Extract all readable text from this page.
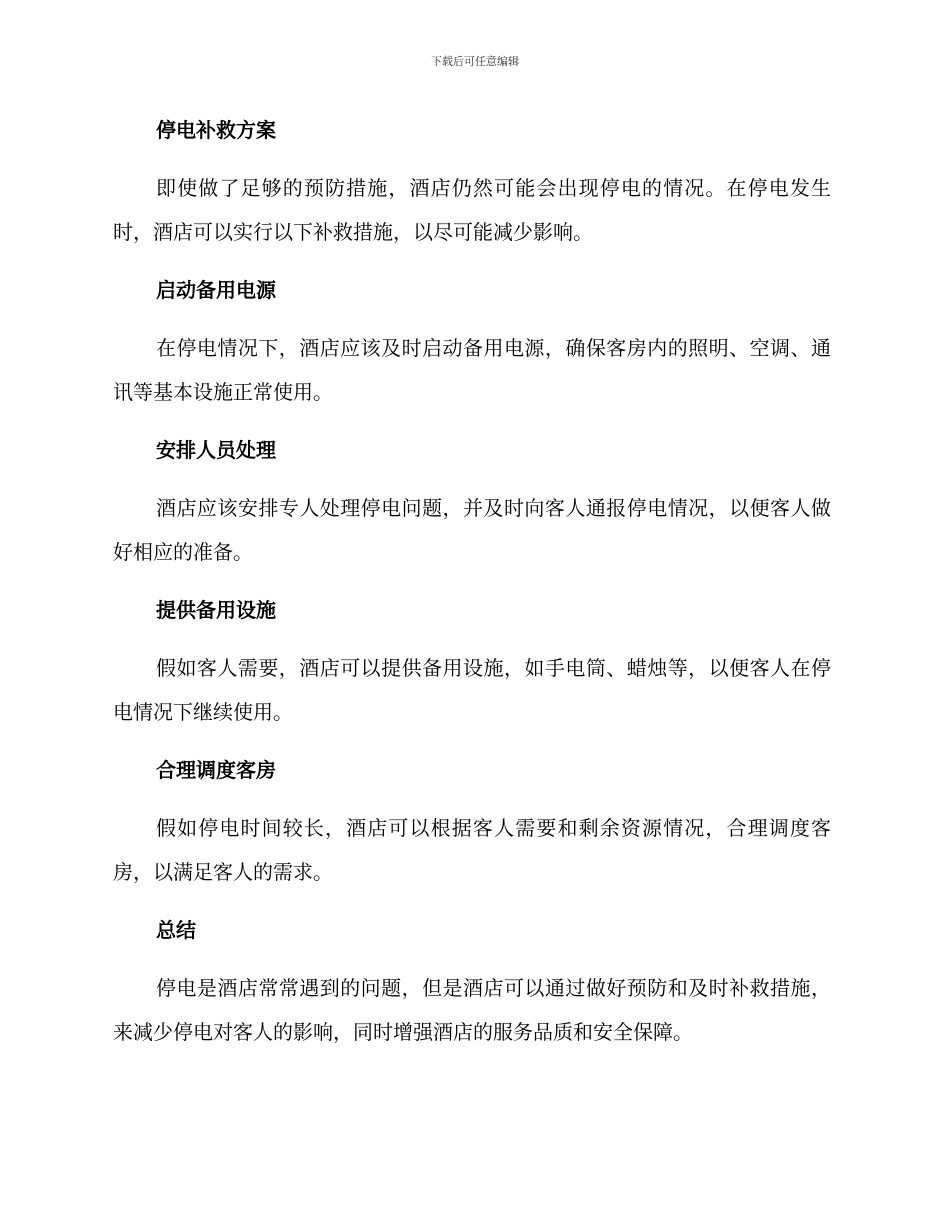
下载后可任意编辑
停电补救方案

即使做了足够的预防措施，酒店仍然可能会出现停电的情况。在停电发生时，酒店可以实行以下补救措施，以尽可能减少影响。

启动备用电源

在停电情况下，酒店应该及时启动备用电源，确保客房内的照明、空调、通讯等基本设施正常使用。

安排人员处理

酒店应该安排专人处理停电问题，并及时向客人通报停电情况，以便客人做好相应的准备。

提供备用设施

假如客人需要，酒店可以提供备用设施，如手电筒、蜡烛等，以便客人在停电情况下继续使用。

合理调度客房

假如停电时间较长，酒店可以根据客人需要和剩余资源情况，合理调度客房，以满足客人的需求。

总结

停电是酒店常常遇到的问题，但是酒店可以通过做好预防和及时补救措施，来减少停电对客人的影响，同时增强酒店的服务品质和安全保障。
